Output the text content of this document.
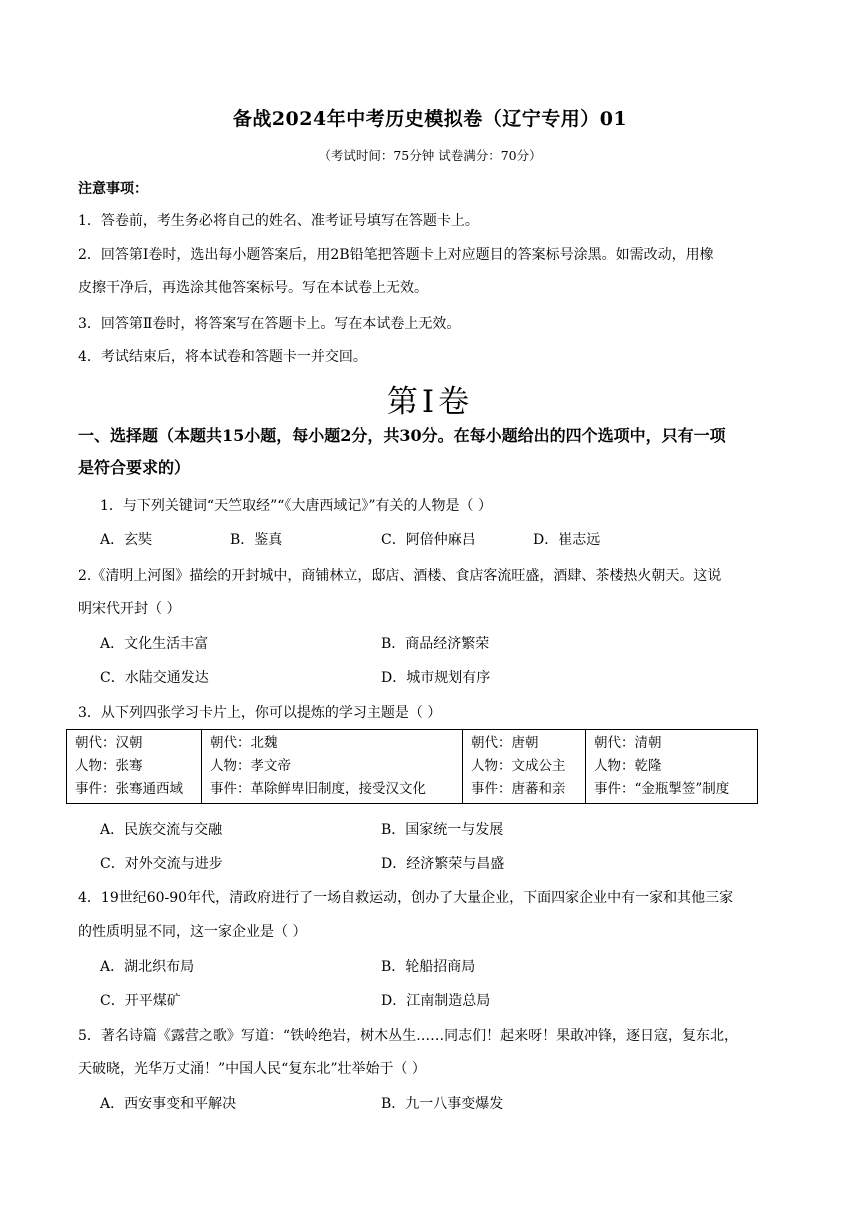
备战2024年中考历史模拟卷（辽宁专用）01
（考试时间：75分钟 试卷满分：70分）
注意事项：
1．答卷前，考生务必将自己的姓名、准考证号填写在答题卡上。
2．回答第Ⅰ卷时，选出每小题答案后，用2B铅笔把答题卡上对应题目的答案标号涂黑。如需改动，用橡
皮擦干净后，再选涂其他答案标号。写在本试卷上无效。
3．回答第Ⅱ卷时，将答案写在答题卡上。写在本试卷上无效。
4．考试结束后，将本试卷和答题卡一并交回。
第Ⅰ卷
一、选择题（本题共15小题，每小题2分，共30分。在每小题给出的四个选项中，只有一项
是符合要求的）
1．与下列关键词“天竺取经”“《大唐西域记》”有关的人物是（ ）
A．玄奘	B．鉴真	C．阿倍仲麻吕	D．崔志远
2.《清明上河图》描绘的开封城中，商铺林立，邸店、酒楼、食店客流旺盛，酒肆、茶楼热火朝天。这说
明宋代开封（ ）
A．文化生活丰富	B．商品经济繁荣
C．水陆交通发达	D．城市规划有序
3．从下列四张学习卡片上，你可以提炼的学习主题是（ ）
朝代：汉朝
人物：张骞
事件：张骞通西域

朝代：北魏
人物：孝文帝
事件：革除鲜卑旧制度，接受汉文化

朝代：唐朝
人物：文成公主
事件：唐蕃和亲

朝代：清朝
人物：乾隆
事件：“金瓶掣签”制度
A．民族交流与交融	B．国家统一与发展
C．对外交流与进步	D．经济繁荣与昌盛
4．19世纪60-90年代，清政府进行了一场自救运动，创办了大量企业，下面四家企业中有一家和其他三家
的性质明显不同，这一家企业是（ ）
A．湖北织布局	B．轮船招商局
C．开平煤矿	D．江南制造总局
5．著名诗篇《露营之歌》写道：“铁岭绝岩，树木丛生……同志们！起来呀！果敢冲锋，逐日寇，复东北，
天破晓，光华万丈涌！”中国人民“复东北”壮举始于（ ）
A．西安事变和平解决	B．九一八事变爆发
